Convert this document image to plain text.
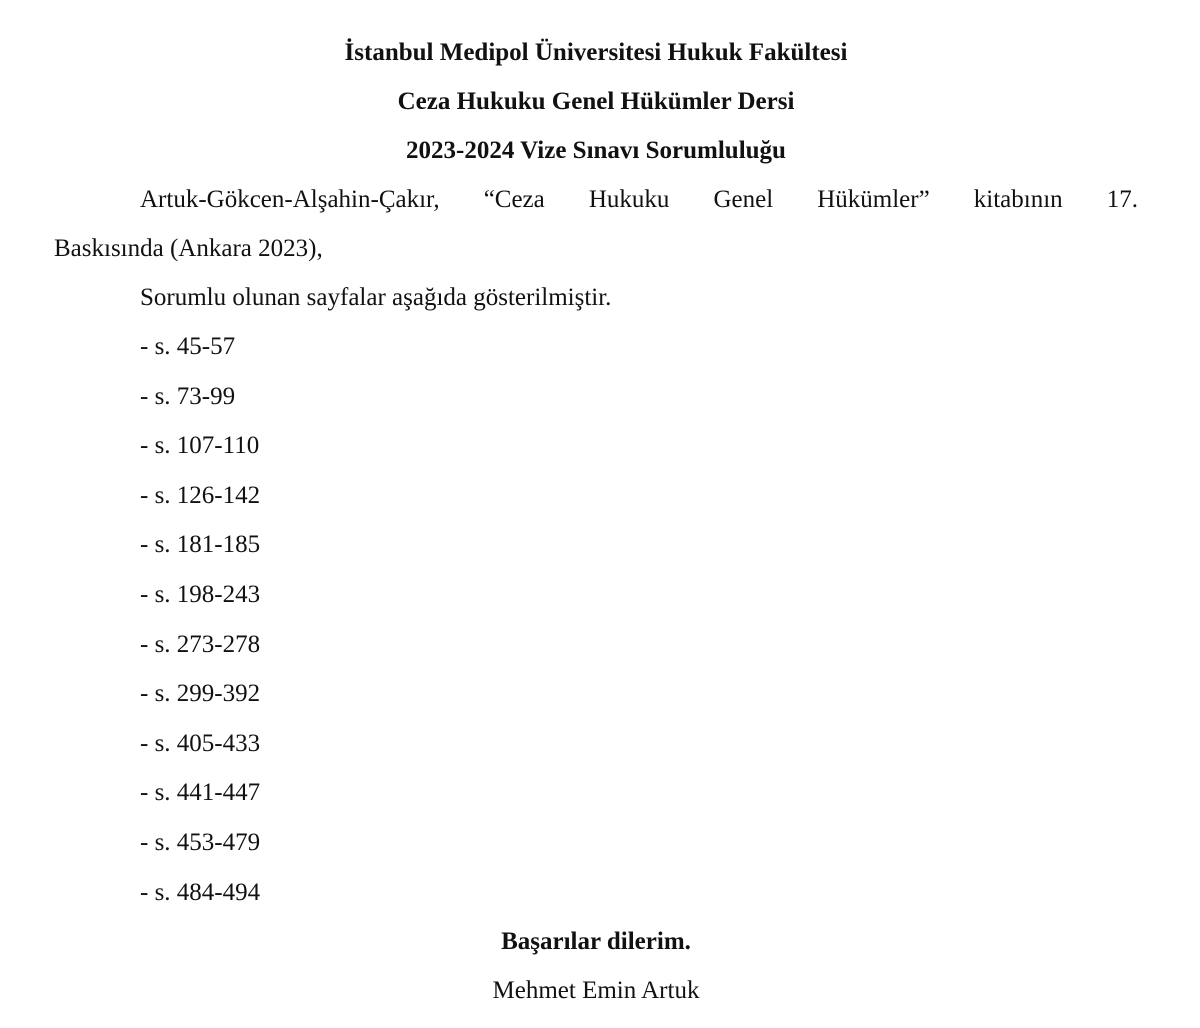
İstanbul Medipol Üniversitesi Hukuk Fakültesi

Ceza Hukuku Genel Hükümler Dersi

2023-2024 Vize Sınavı Sorumluluğu

Artuk-Gökcen-Alşahin-Çakır, “Ceza Hukuku Genel Hükümler” kitabının 17.

Baskısında (Ankara 2023),

Sorumlu olunan sayfalar aşağıda gösterilmiştir.

- s. 45-57
- s. 73-99
- s. 107-110
- s. 126-142
- s. 181-185
- s. 198-243
- s. 273-278
- s. 299-392
- s. 405-433
- s. 441-447
- s. 453-479
- s. 484-494

Başarılar dilerim.

Mehmet Emin Artuk
